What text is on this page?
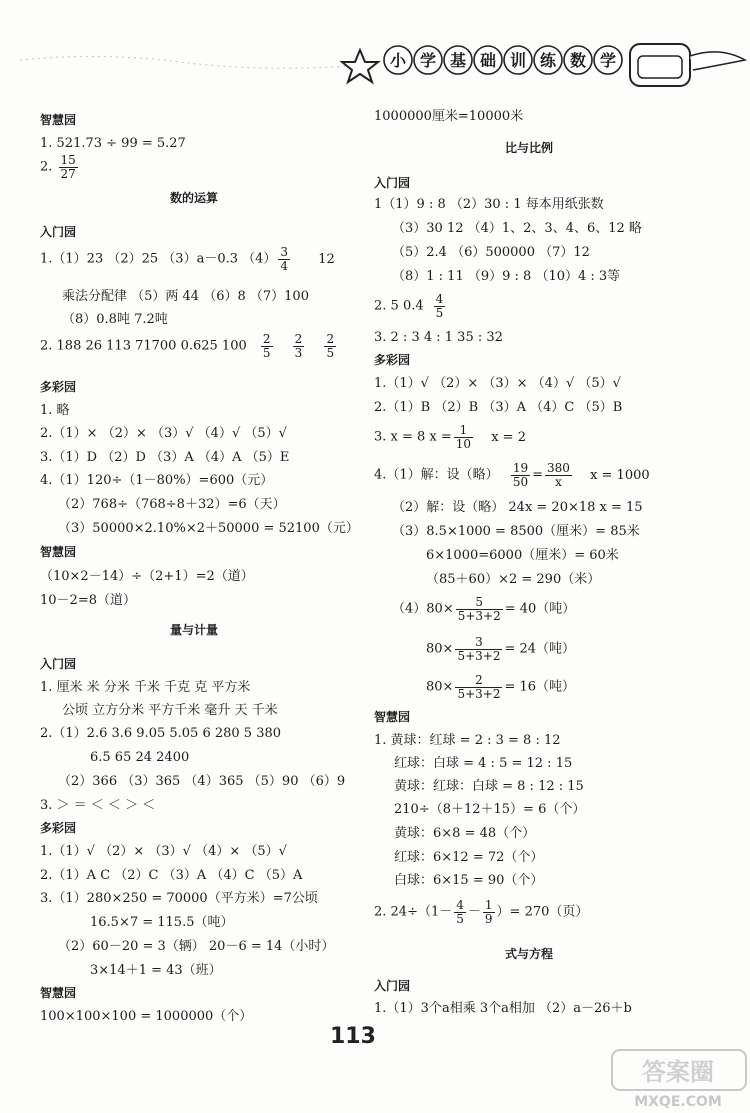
小学基础训练数学
智慧园
1. 521.73 ÷ 99 = 5.27
2. $\frac{15}{27}$
数的运算
入门园
1.（1）23 （2）25 （3）a－0.3 $(4) \frac{3}{4} 12$
乘法分配律 （5）两 44 （6）8 （7）100
（8）0.8吨 7.2吨
2. 188 26 113 71700 0.625 $100 \frac{2}{5}$
$\frac{2}{3}$
$\frac{2}{5}$
多彩园
1. 略
2.（1）× （2）× （3）√ （4）√ （5）√
3.（1）D （2）D （3）A （4）A （5）E
4.（1）120÷（1－80%）=600（元）
（2）768÷（768÷8＋32）=6（天）
（3）50000×2.10%×2＋50000 = 52100（元）
智慧园
（10×2－14）÷（2+1）=2（道）
10－2=8（道）
量与计量
入门园
1. 厘米 米 分米 千米 千克 克 平方米
公顷 立方分米 平方千米 毫升 天 千米
2.（1）2.6 3.6 9.05 5.05 6 280 5 380
6.5 65 24 2400
（2）366 （3）365 （4）365 （5）90 （6）9
3. ＞ ＝ ＜ ＜ ＞ ＜
多彩园
1.（1）√ （2）× （3）√ （4）× （5）√
2.（1）A C （2）C （3）A （4）C （5）A
3.（1）280×250 = 70000（平方米）=7公顷
16.5×7 = 115.5（吨）
（2）60－20 = 3（辆） 20－6 = 14（小时）
3×14＋1 = 43（班）
智慧园
100×100×100 = 1000000（个）
1000000厘米=10000米
比与比例
入门园
1（1）9 : 8 （2）30 : 1 每本用纸张数
（3）30 12 （4）1、2、3、4、6、12 略
（5）2.4 （6）500000 （7）12
（8）1 : 11 （9）9 : 8 （10）4 : 3等
2. 5 $0.4 \frac{4}{5}$
3. 2 : 3 4 : 1 35 : 32
多彩园
1.（1）√ （2）× （3）× （4）√ （5）√
2.（1）B （2）B （3）A （4）C （5）B
3. x = 8 $x = \frac{1}{10}$ x = 2
4.（1）解：设（略） $\frac{19}{50} = \frac{380}{x}$ x = 1000
（2）解：设（略） 24x = 20×18 x = 15
（3）8.5×1000 = 8500（厘米）= 85米
6×1000=6000（厘米）= 60米
（85＋60）×2 = 290（米）
$(4)80\times \frac{5}{5+3+2} = 40$（吨）
$80\times \frac{3}{5+3+2} = 24$（吨）
$80\times \frac{2}{5+3+2} = 16$（吨）
智慧园
1. 黄球：红球 = 2 : 3 = 8 : 12
红球：白球 = 4 : 5 = 12 : 15
黄球：红球：白球 = 8 : 12 : 15
210÷（8＋12＋15）= 6（个）
黄球：6×8 = 48（个）
红球：6×12 = 72（个）
白球：6×15 = 90（个）
2. $24\div(1- \frac{4}{5} - \frac{1}{9}$ ）= 270（页）
式与方程
入门园
1.（1）3个a相乘 3个a相加 （2）a－26＋b
113
答案圈
MXQE.COM
